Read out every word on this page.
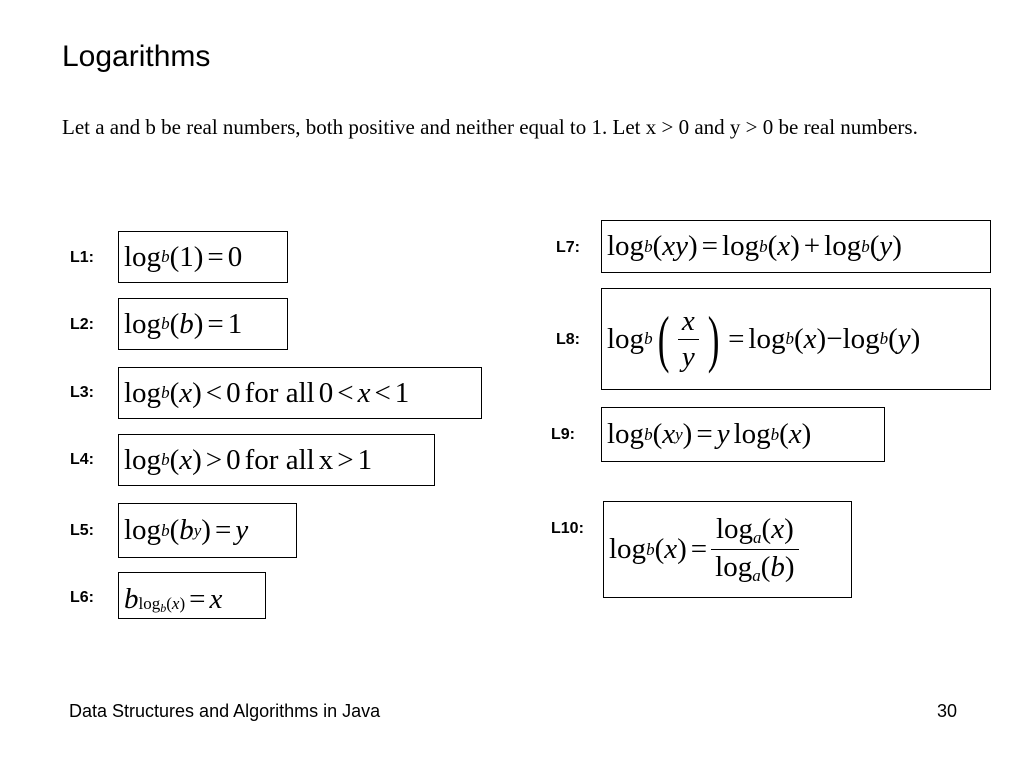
Logarithms
Let a and b be real numbers, both positive and neither equal to 1. Let x > 0 and y > 0 be real numbers.
L1: log b ( 1 ) = 0
L2: log b ( b ) = 1
L3: log b ( x ) < 0 for all 0 < x < 1
L4: log b ( x ) > 0 for all x > 1
L5: log b ( b y ) = y
L6: b $\log_b(x) = x$
L7: log b ( xy ) = log b ( x ) + log b ( y )
L8: log b ( $\frac{x}{y}$ ) = log b ( x ) − log b ( y )
L9: log b ( x y ) = y log b ( x )
L10:
log b ( x ) = $\frac{\log_a(x)}{\log_a(b)}$
Data Structures and Algorithms in Java	30
